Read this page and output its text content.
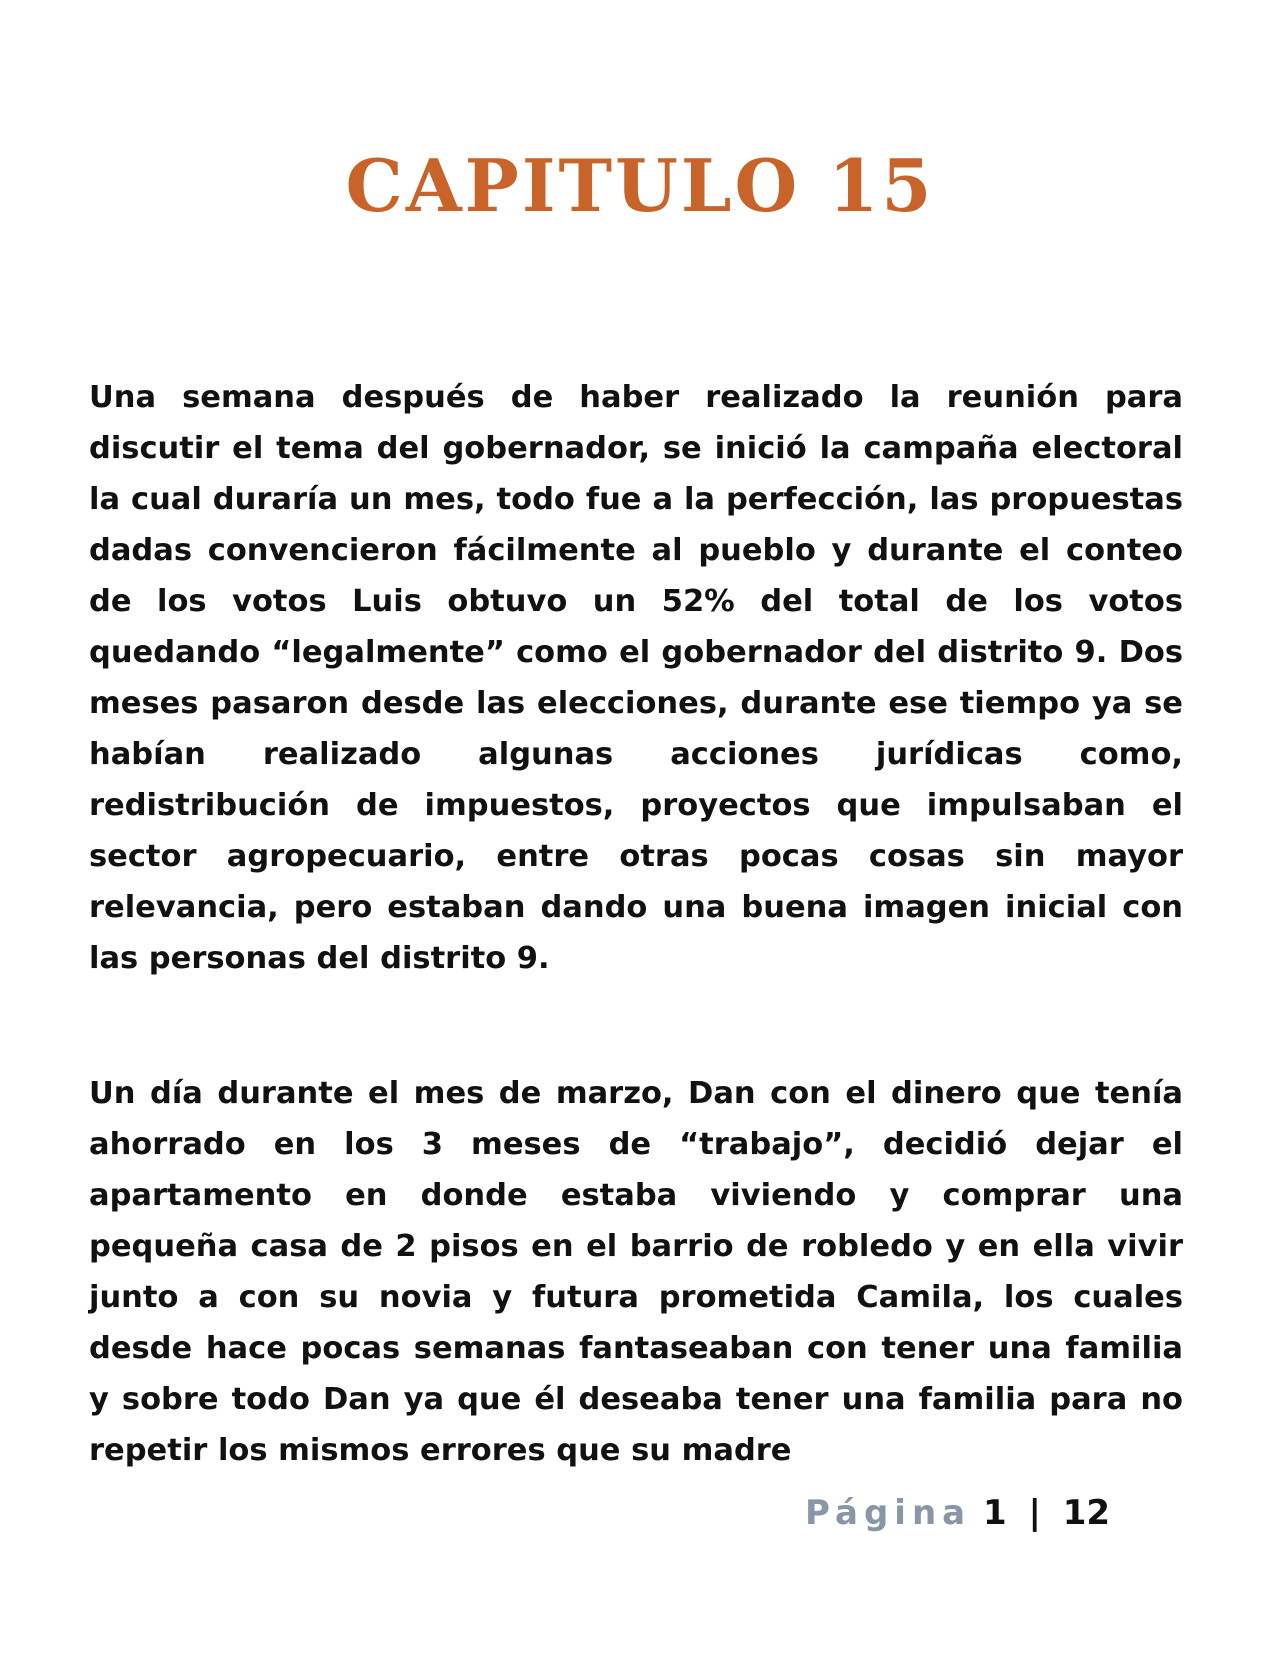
CAPITULO 15

Una semana después de haber realizado la reunión para discutir el tema del gobernador, se inició la campaña electoral la cual duraría un mes, todo fue a la perfección, las propuestas dadas convencieron fácilmente al pueblo y durante el conteo de los votos Luis obtuvo un 52% del total de los votos quedando “legalmente” como el gobernador del distrito 9. Dos meses pasaron desde las elecciones, durante ese tiempo ya se habían realizado algunas acciones jurídicas como, redistribución de impuestos, proyectos que impulsaban el sector agropecuario, entre otras pocas cosas sin mayor relevancia, pero estaban dando una buena imagen inicial con las personas del distrito 9.

Un día durante el mes de marzo, Dan con el dinero que tenía ahorrado en los 3 meses de “trabajo”, decidió dejar el apartamento en donde estaba viviendo y comprar una pequeña casa de 2 pisos en el barrio de robledo y en ella vivir junto a con su novia y futura prometida Camila, los cuales desde hace pocas semanas fantaseaban con tener una familia y sobre todo Dan ya que él deseaba tener una familia para no repetir los mismos errores que su madre

Página 1 | 12
